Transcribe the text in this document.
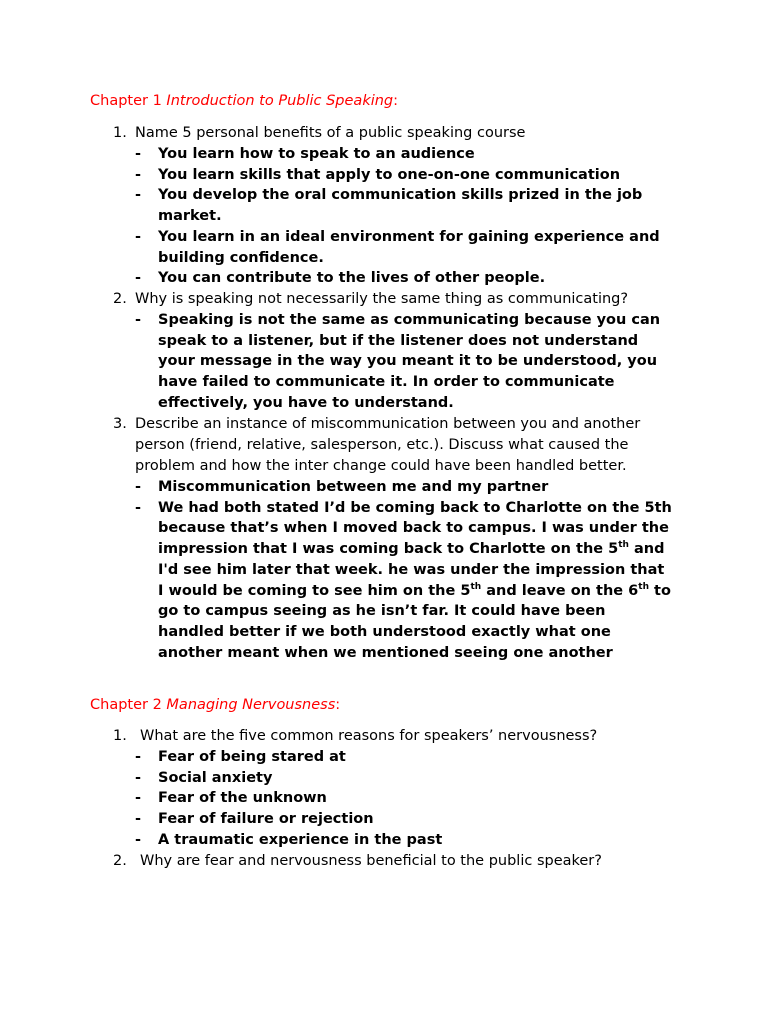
Chapter 1 Introduction to Public Speaking:
1. Name 5 personal benefits of a public speaking course
- You learn how to speak to an audience
- You learn skills that apply to one-on-one communication
- You develop the oral communication skills prized in the job market.
- You learn in an ideal environment for gaining experience and building confidence.
- You can contribute to the lives of other people.
2. Why is speaking not necessarily the same thing as communicating?
- Speaking is not the same as communicating because you can speak to a listener, but if the listener does not understand your message in the way you meant it to be understood, you have failed to communicate it. In order to communicate effectively, you have to understand.
3. Describe an instance of miscommunication between you and another person (friend, relative, salesperson, etc.). Discuss what caused the problem and how the inter change could have been handled better.
- Miscommunication between me and my partner
- We had both stated I’d be coming back to Charlotte on the 5th because that’s when I moved back to campus. I was under the impression that I was coming back to Charlotte on the 5th and I'd see him later that week. he was under the impression that I would be coming to see him on the 5th and leave on the 6th to go to campus seeing as he isn’t far. It could have been handled better if we both understood exactly what one another meant when we mentioned seeing one another
Chapter 2 Managing Nervousness:
1. What are the five common reasons for speakers’ nervousness?
- Fear of being stared at
- Social anxiety
- Fear of the unknown
- Fear of failure or rejection
- A traumatic experience in the past
2. Why are fear and nervousness beneficial to the public speaker?
